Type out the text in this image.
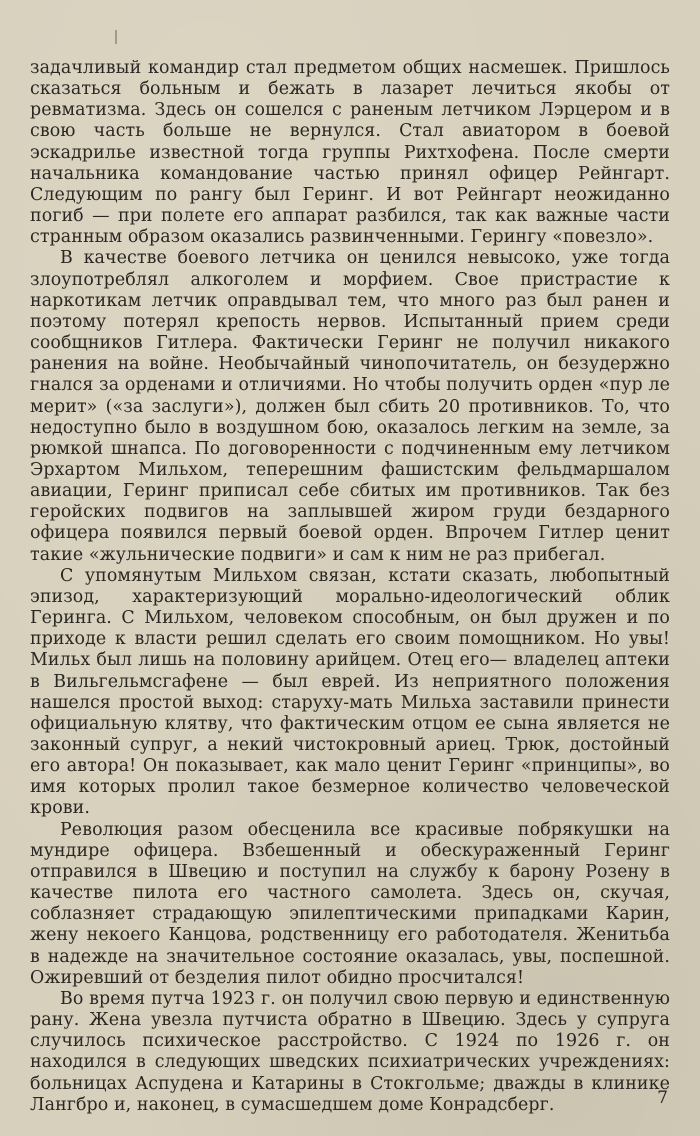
задачливый командир стал предметом общих насмешек. Пришлось сказаться больным и бежать в лазарет лечиться якобы от ревматизма. Здесь он сошелся с раненым летчиком Лэрцером и в свою часть больше не вернулся. Стал авиатором в боевой эскадрилье известной тогда группы Рихтхофена. После смерти начальника командование частью принял офицер Рейнгарт. Следующим по рангу был Геринг. И вот Рейнгарт неожиданно погиб — при полете его аппарат разбился, так как важные части странным образом оказались развинченными. Герингу «повезло».

В качестве боевого летчика он ценился невысоко, уже тогда злоупотреблял алкоголем и морфием. Свое пристрастие к наркотикам летчик оправдывал тем, что много раз был ранен и поэтому потерял крепость нервов. Испытанный прием среди сообщников Гитлера. Фактически Геринг не получил никакого ранения на войне. Необычайный чинопочитатель, он безудержно гнался за орденами и отличиями. Но чтобы получить орден «пур ле мерит» («за заслуги»), должен был сбить 20 противников. То, что недоступно было в воздушном бою, оказалось легким на земле, за рюмкой шнапса. По договоренности с подчиненным ему летчиком Эрхартом Мильхом, теперешним фашистским фельдмаршалом авиации, Геринг приписал себе сбитых им противников. Так без геройских подвигов на заплывшей жиром груди бездарного офицера появился первый боевой орден. Впрочем Гитлер ценит такие «жульнические подвиги» и сам к ним не раз прибегал.

С упомянутым Мильхом связан, кстати сказать, любопытный эпизод, характеризующий морально-идеологический облик Геринга. С Мильхом, человеком способным, он был дружен и по приходе к власти решил сделать его своим помощником. Но увы! Мильх был лишь на половину арийцем. Отец его— владелец аптеки в Вильгельмсгафене — был еврей. Из неприятного положения нашелся простой выход: старуху-мать Мильха заставили принести официальную клятву, что фактическим отцом ее сына является не законный супруг, а некий чистокровный ариец. Трюк, достойный его автора! Он показывает, как мало ценит Геринг «принципы», во имя которых пролил такое безмерное количество человеческой крови.

Революция разом обесценила все красивые побрякушки на мундире офицера. Взбешенный и обескураженный Геринг отправился в Швецию и поступил на службу к барону Розену в качестве пилота его частного самолета. Здесь он, скучая, соблазняет страдающую эпилептическими припадками Карин, жену некоего Канцова, родственницу его работодателя. Женитьба в надежде на значительное состояние оказалась, увы, поспешной. Ожиревший от безделия пилот обидно просчитался!

Во время путча 1923 г. он получил свою первую и единственную рану. Жена увезла путчиста обратно в Швецию. Здесь у супруга случилось психическое расстройство. С 1924 по 1926 г. он находился в следующих шведских психиатрических учреждениях: больницах Аспудена и Катарины в Стокгольме; дважды в клинике Лангбро и, наконец, в сумасшедшем доме Конрадсберг.	7
